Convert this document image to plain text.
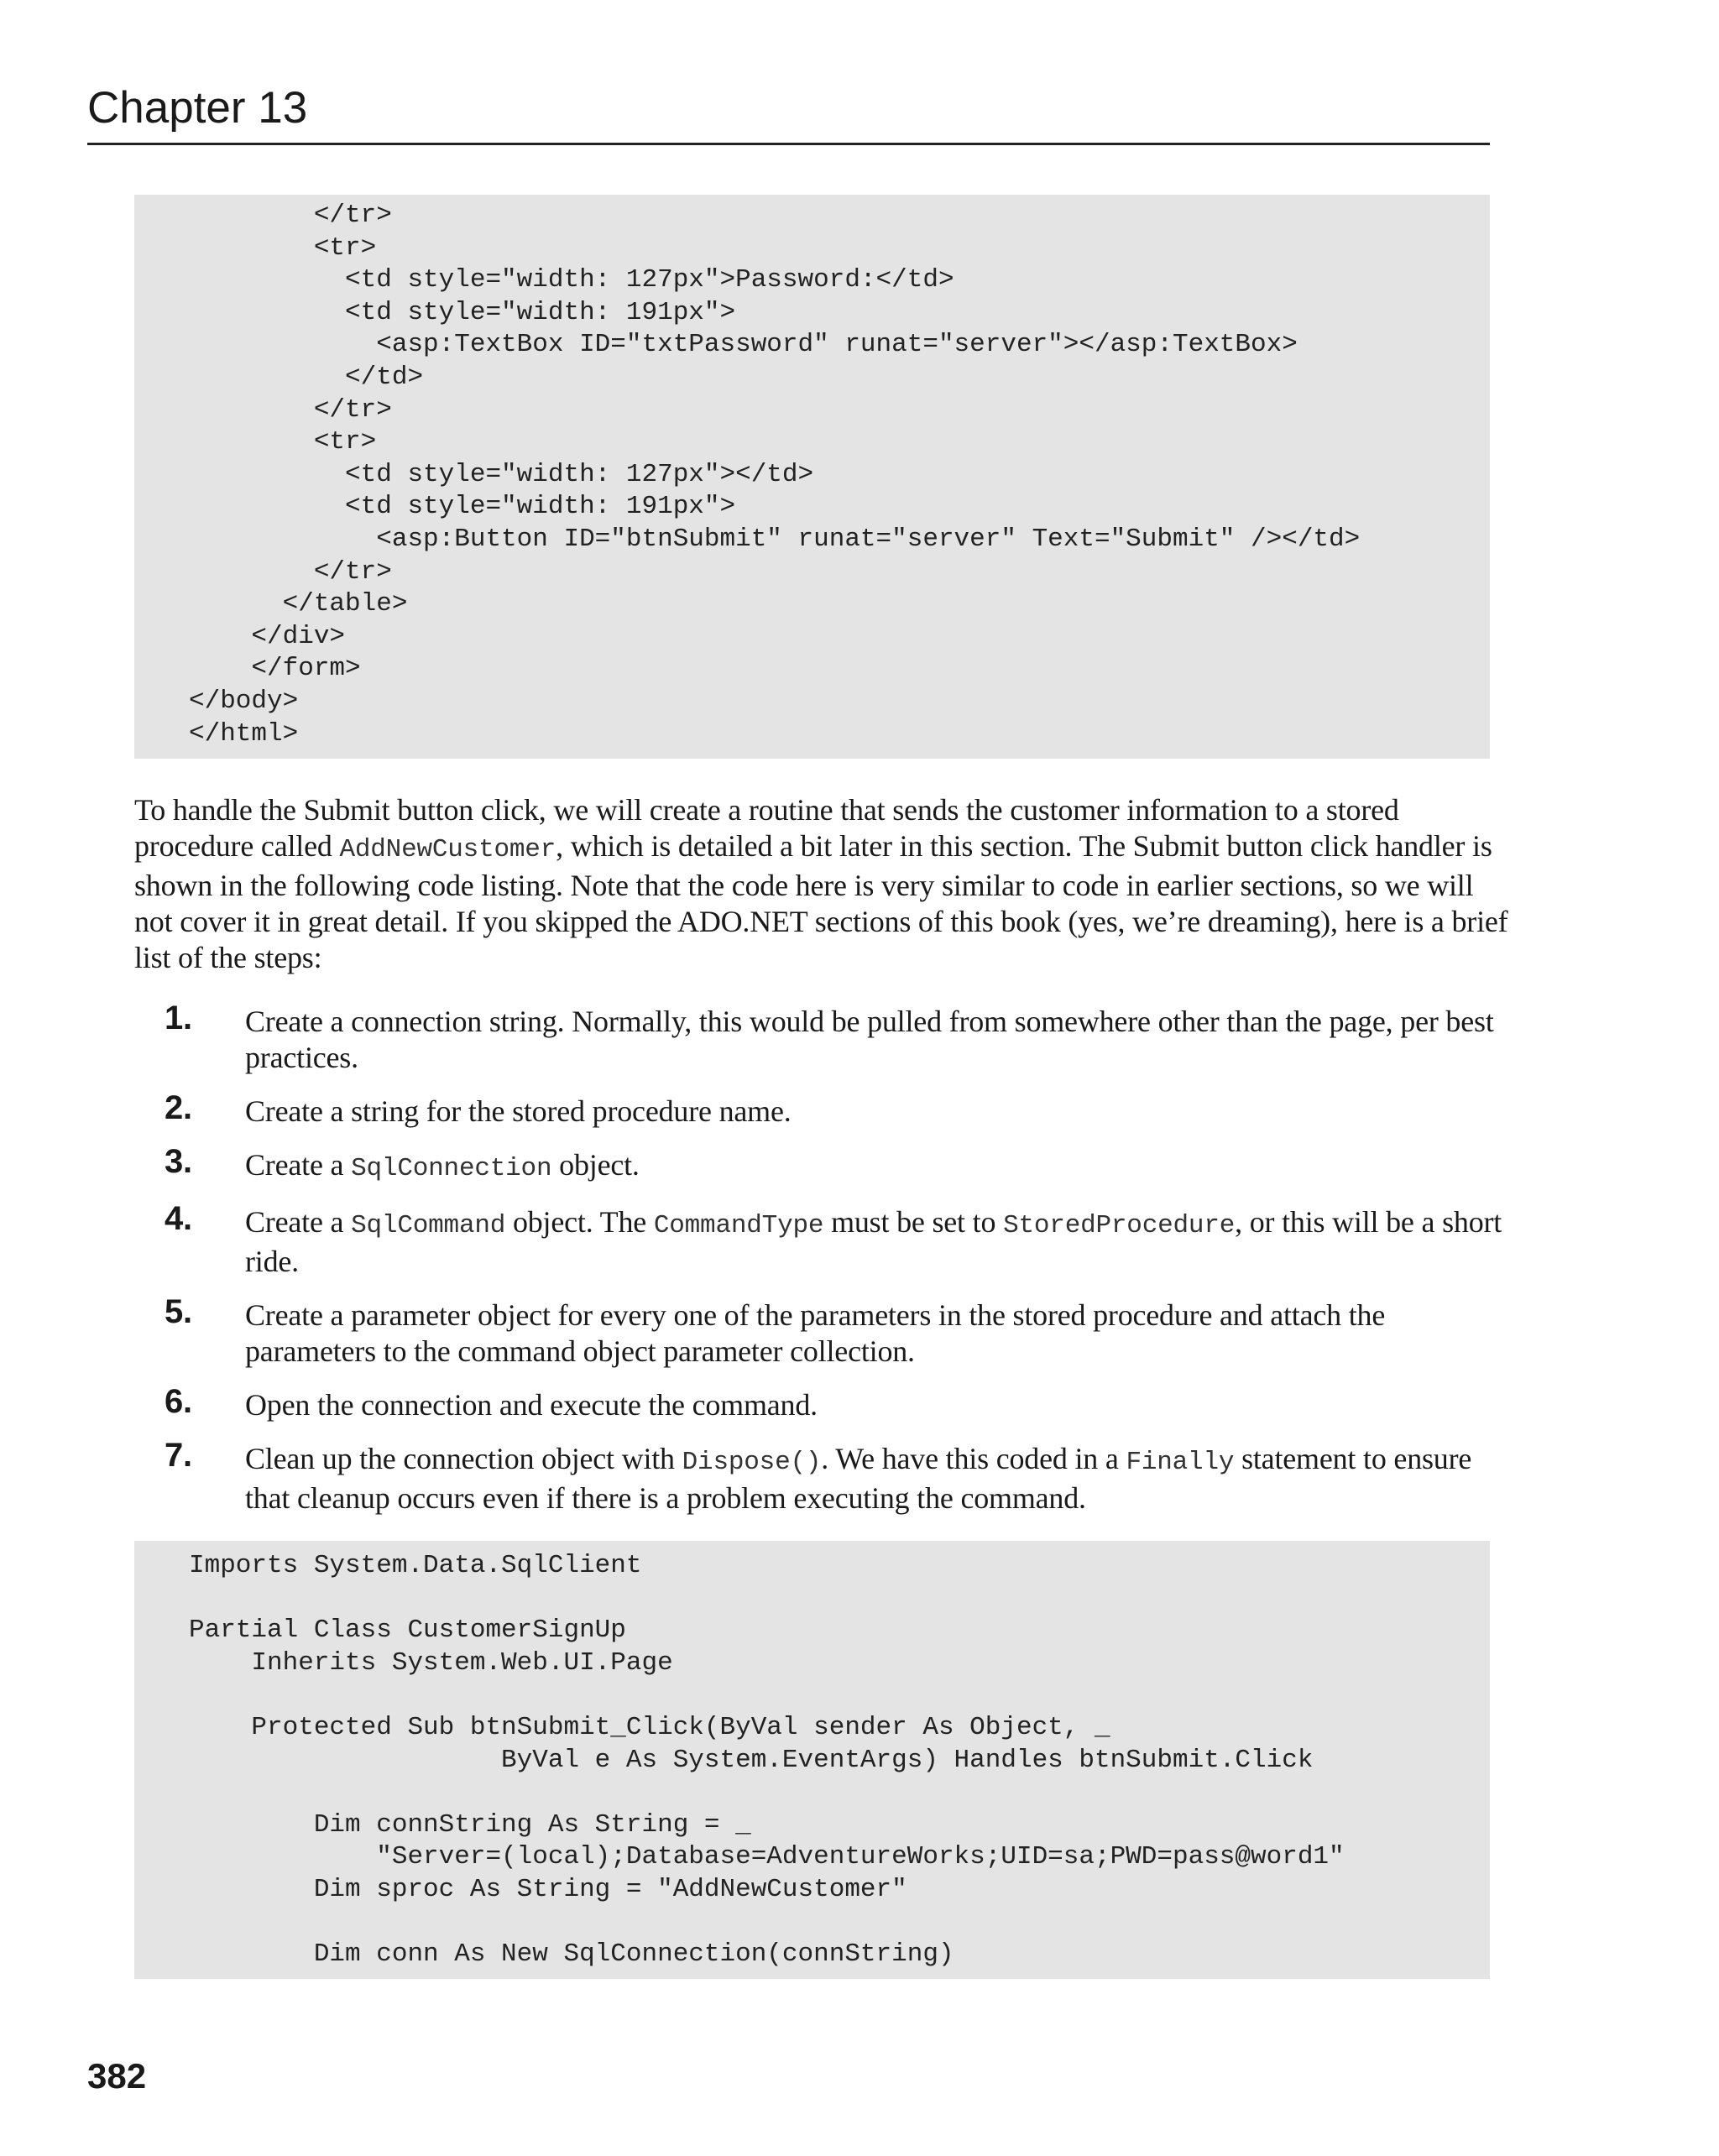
Chapter 13
</tr>
<tr>
<td style="width: 127px">Password:</td>
<td style="width: 191px">
<asp:TextBox ID="txtPassword" runat="server"></asp:TextBox>
</td>
</tr>
<tr>
<td style="width: 127px"></td>
<td style="width: 191px">
<asp:Button ID="btnSubmit" runat="server" Text="Submit" /></td>
</tr>
</table>
</div>
</form>
</body>
</html>
To handle the Submit button click, we will create a routine that sends the customer information to a stored procedure called AddNewCustomer, which is detailed a bit later in this section. The Submit button click handler is shown in the following code listing. Note that the code here is very similar to code in earlier sections, so we will not cover it in great detail. If you skipped the ADO.NET sections of this book (yes, we’re dreaming), here is a brief list of the steps:
1. Create a connection string. Normally, this would be pulled from somewhere other than the page, per best practices.
2. Create a string for the stored procedure name.
3. Create a SqlConnection object.
4. Create a SqlCommand object. The CommandType must be set to StoredProcedure, or this will be a short ride.
5. Create a parameter object for every one of the parameters in the stored procedure and attach the parameters to the command object parameter collection.
6. Open the connection and execute the command.
7. Clean up the connection object with Dispose(). We have this coded in a Finally statement to ensure that cleanup occurs even if there is a problem executing the command.
Imports System.Data.SqlClient

Partial Class CustomerSignUp
Inherits System.Web.UI.Page

Protected Sub btnSubmit_Click(ByVal sender As Object, _
ByVal e As System.EventArgs) Handles btnSubmit.Click

Dim connString As String = _
"Server=(local);Database=AdventureWorks;UID=sa;PWD=pass@word1"
Dim sproc As String = "AddNewCustomer"

Dim conn As New SqlConnection(connString)
382
